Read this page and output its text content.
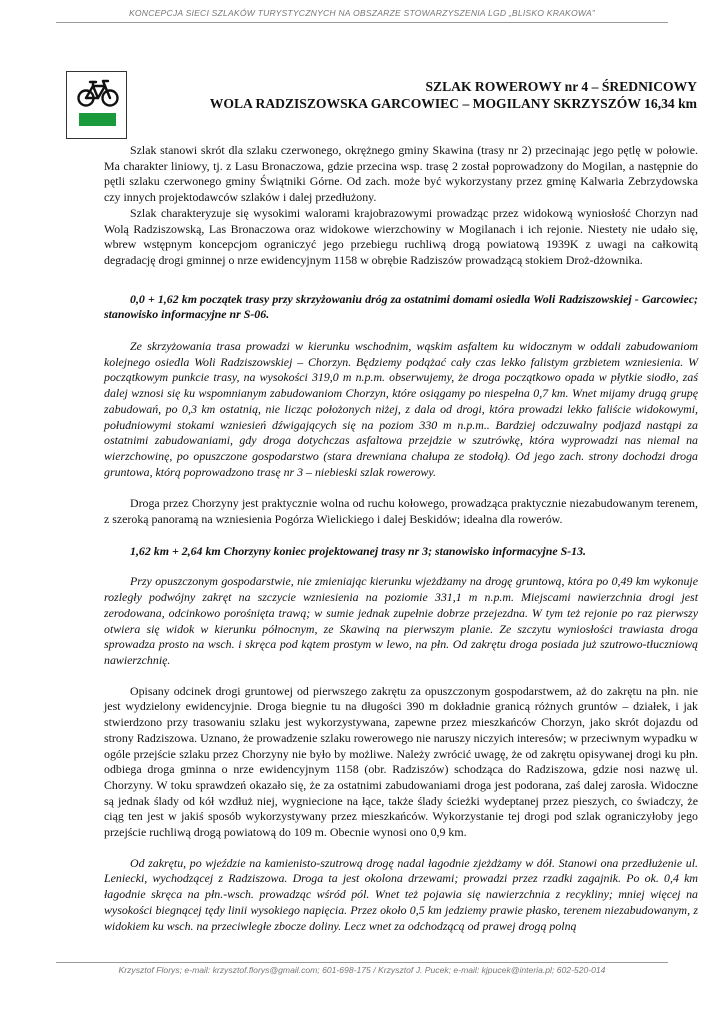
KONCEPCJA SIECI SZLAKÓW TURYSTYCZNYCH NA OBSZARZE STOWARZYSZENIA LGD „BLISKO KRAKOWA”
SZLAK ROWEROWY nr 4 – ŚREDNICOWY
WOLA RADZISZOWSKA GARCOWIEC – MOGILANY SKRZYSZÓW 16,34 km

Szlak stanowi skrót dla szlaku czerwonego, okrężnego gminy Skawina (trasy nr 2) przecinając jego pętlę w połowie. Ma charakter liniowy, tj. z Lasu Bronaczowa, gdzie przecina wsp. trasę 2 został poprowadzony do Mogilan, a następnie do pętli szlaku czerwonego gminy Świątniki Górne. Od zach. może być wykorzystany przez gminę Kalwaria Zebrzydowska czy innych projektodawców szlaków i dalej przedłużony.

Szlak charakteryzuje się wysokimi walorami krajobrazowymi prowadząc przez widokową wyniosłość Chorzyn nad Wolą Radziszowską, Las Bronaczowa oraz widokowe wierzchowiny w Mogilanach i ich rejonie. Niestety nie udało się, wbrew wstępnym koncepcjom ograniczyć jego przebiegu ruchliwą drogą powiatową 1939K z uwagi na całkowitą degradację drogi gminnej o nrze ewidencyjnym 1158 w obrębie Radziszów prowadzącą stokiem Droż-dżownika.

0,0 + 1,62 km początek trasy przy skrzyżowaniu dróg za ostatnimi domami osiedla Woli Radziszowskiej - Garcowiec; stanowisko informacyjne nr S-06.

Ze skrzyżowania trasa prowadzi w kierunku wschodnim, wąskim asfaltem ku widocznym w oddali zabudowaniom kolejnego osiedla Woli Radziszowskiej – Chorzyn. Będziemy podążać cały czas lekko falistym grzbietem wzniesienia. W początkowym punkcie trasy, na wysokości 319,0 m n.p.m. obserwujemy, że droga początkowo opada w płytkie siodło, zaś dalej wznosi się ku wspomnianym zabudowaniom Chorzyn, które osiągamy po niespełna 0,7 km. Wnet mijamy drugą grupę zabudowań, po 0,3 km ostatnią, nie licząc położonych niżej, z dala od drogi, która prowadzi lekko faliście widokowymi, południowymi stokami wzniesień dźwigających się na poziom 330 m n.p.m.. Bardziej odczuwalny podjazd nastąpi za ostatnimi zabudowaniami, gdy droga dotychczas asfaltowa przejdzie w szutrówkę, która wyprowadzi nas niemal na wierzchowinę, po opuszczone gospodarstwo (stara drewniana chałupa ze stodołą). Od jego zach. strony dochodzi droga gruntowa, którą poprowadzono trasę nr 3 – niebieski szlak rowerowy.

Droga przez Chorzyny jest praktycznie wolna od ruchu kołowego, prowadząca praktycznie niezabudowanym terenem, z szeroką panoramą na wzniesienia Pogórza Wielickiego i dalej Beskidów; idealna dla rowerów.

1,62 km + 2,64 km Chorzyny koniec projektowanej trasy nr 3; stanowisko informacyjne S-13.

Przy opuszczonym gospodarstwie, nie zmieniając kierunku wjeżdżamy na drogę gruntową, która po 0,49 km wykonuje rozległy podwójny zakręt na szczycie wzniesienia na poziomie 331,1 m n.p.m. Miejscami nawierzchnia drogi jest zerodowana, odcinkowo porośnięta trawą; w sumie jednak zupełnie dobrze przejezdna. W tym też rejonie po raz pierwszy otwiera się widok w kierunku północnym, ze Skawiną na pierwszym planie. Ze szczytu wyniosłości trawiasta droga sprowadza prosto na wsch. i skręca pod kątem prostym w lewo, na płn. Od zakrętu droga posiada już szutrowo-tłuczniową nawierzchnię.

Opisany odcinek drogi gruntowej od pierwszego zakrętu za opuszczonym gospodarstwem, aż do zakrętu na płn. nie jest wydzielony ewidencyjnie. Droga biegnie tu na długości 390 m dokładnie granicą różnych gruntów – działek, i jak stwierdzono przy trasowaniu szlaku jest wykorzystywana, zapewne przez mieszkańców Chorzyn, jako skrót dojazdu od strony Radziszowa. Uznano, że prowadzenie szlaku rowerowego nie naruszy niczyich interesów; w przeciwnym wypadku w ogóle przejście szlaku przez Chorzyny nie było by możliwe. Należy zwrócić uwagę, że od zakrętu opisywanej drogi ku płn. odbiega droga gminna o nrze ewidencyjnym 1158 (obr. Radziszów) schodząca do Radziszowa, gdzie nosi nazwę ul. Chorzyny. W toku sprawdzeń okazało się, że za ostatnimi zabudowaniami droga jest podorana, zaś dalej zarosła. Widoczne są jednak ślady od kół wzdłuż niej, wygniecione na łące, także ślady ścieżki wydeptanej przez pieszych, co świadczy, że ciąg ten jest w jakiś sposób wykorzystywany przez mieszkańców. Wykorzystanie tej drogi pod szlak ograniczyłoby jego przejście ruchliwą drogą powiatową do 109 m. Obecnie wynosi ono 0,9 km.

Od zakrętu, po wjeździe na kamienisto-szutrową drogę nadal łagodnie zjeżdżamy w dół. Stanowi ona przedłużenie ul. Leniecki, wychodzącej z Radziszowa. Droga ta jest okolona drzewami; prowadzi przez rzadki zagajnik. Po ok. 0,4 km łagodnie skręca na płn.-wsch. prowadząc wśród pól. Wnet też pojawia się nawierzchnia z recykliny; mniej więcej na wysokości biegnącej tędy linii wysokiego napięcia. Przez około 0,5 km jedziemy prawie płasko, terenem niezabudowanym, z widokiem ku wsch. na przeciwległe zbocze doliny. Lecz wnet za odchodzącą od prawej drogą polną

Krzysztof Florys; e-mail: krzysztof.florys@gmail.com; 601-698-175 / Krzysztof J. Pucek; e-mail: kjpucek@interia.pl; 602-520-014
